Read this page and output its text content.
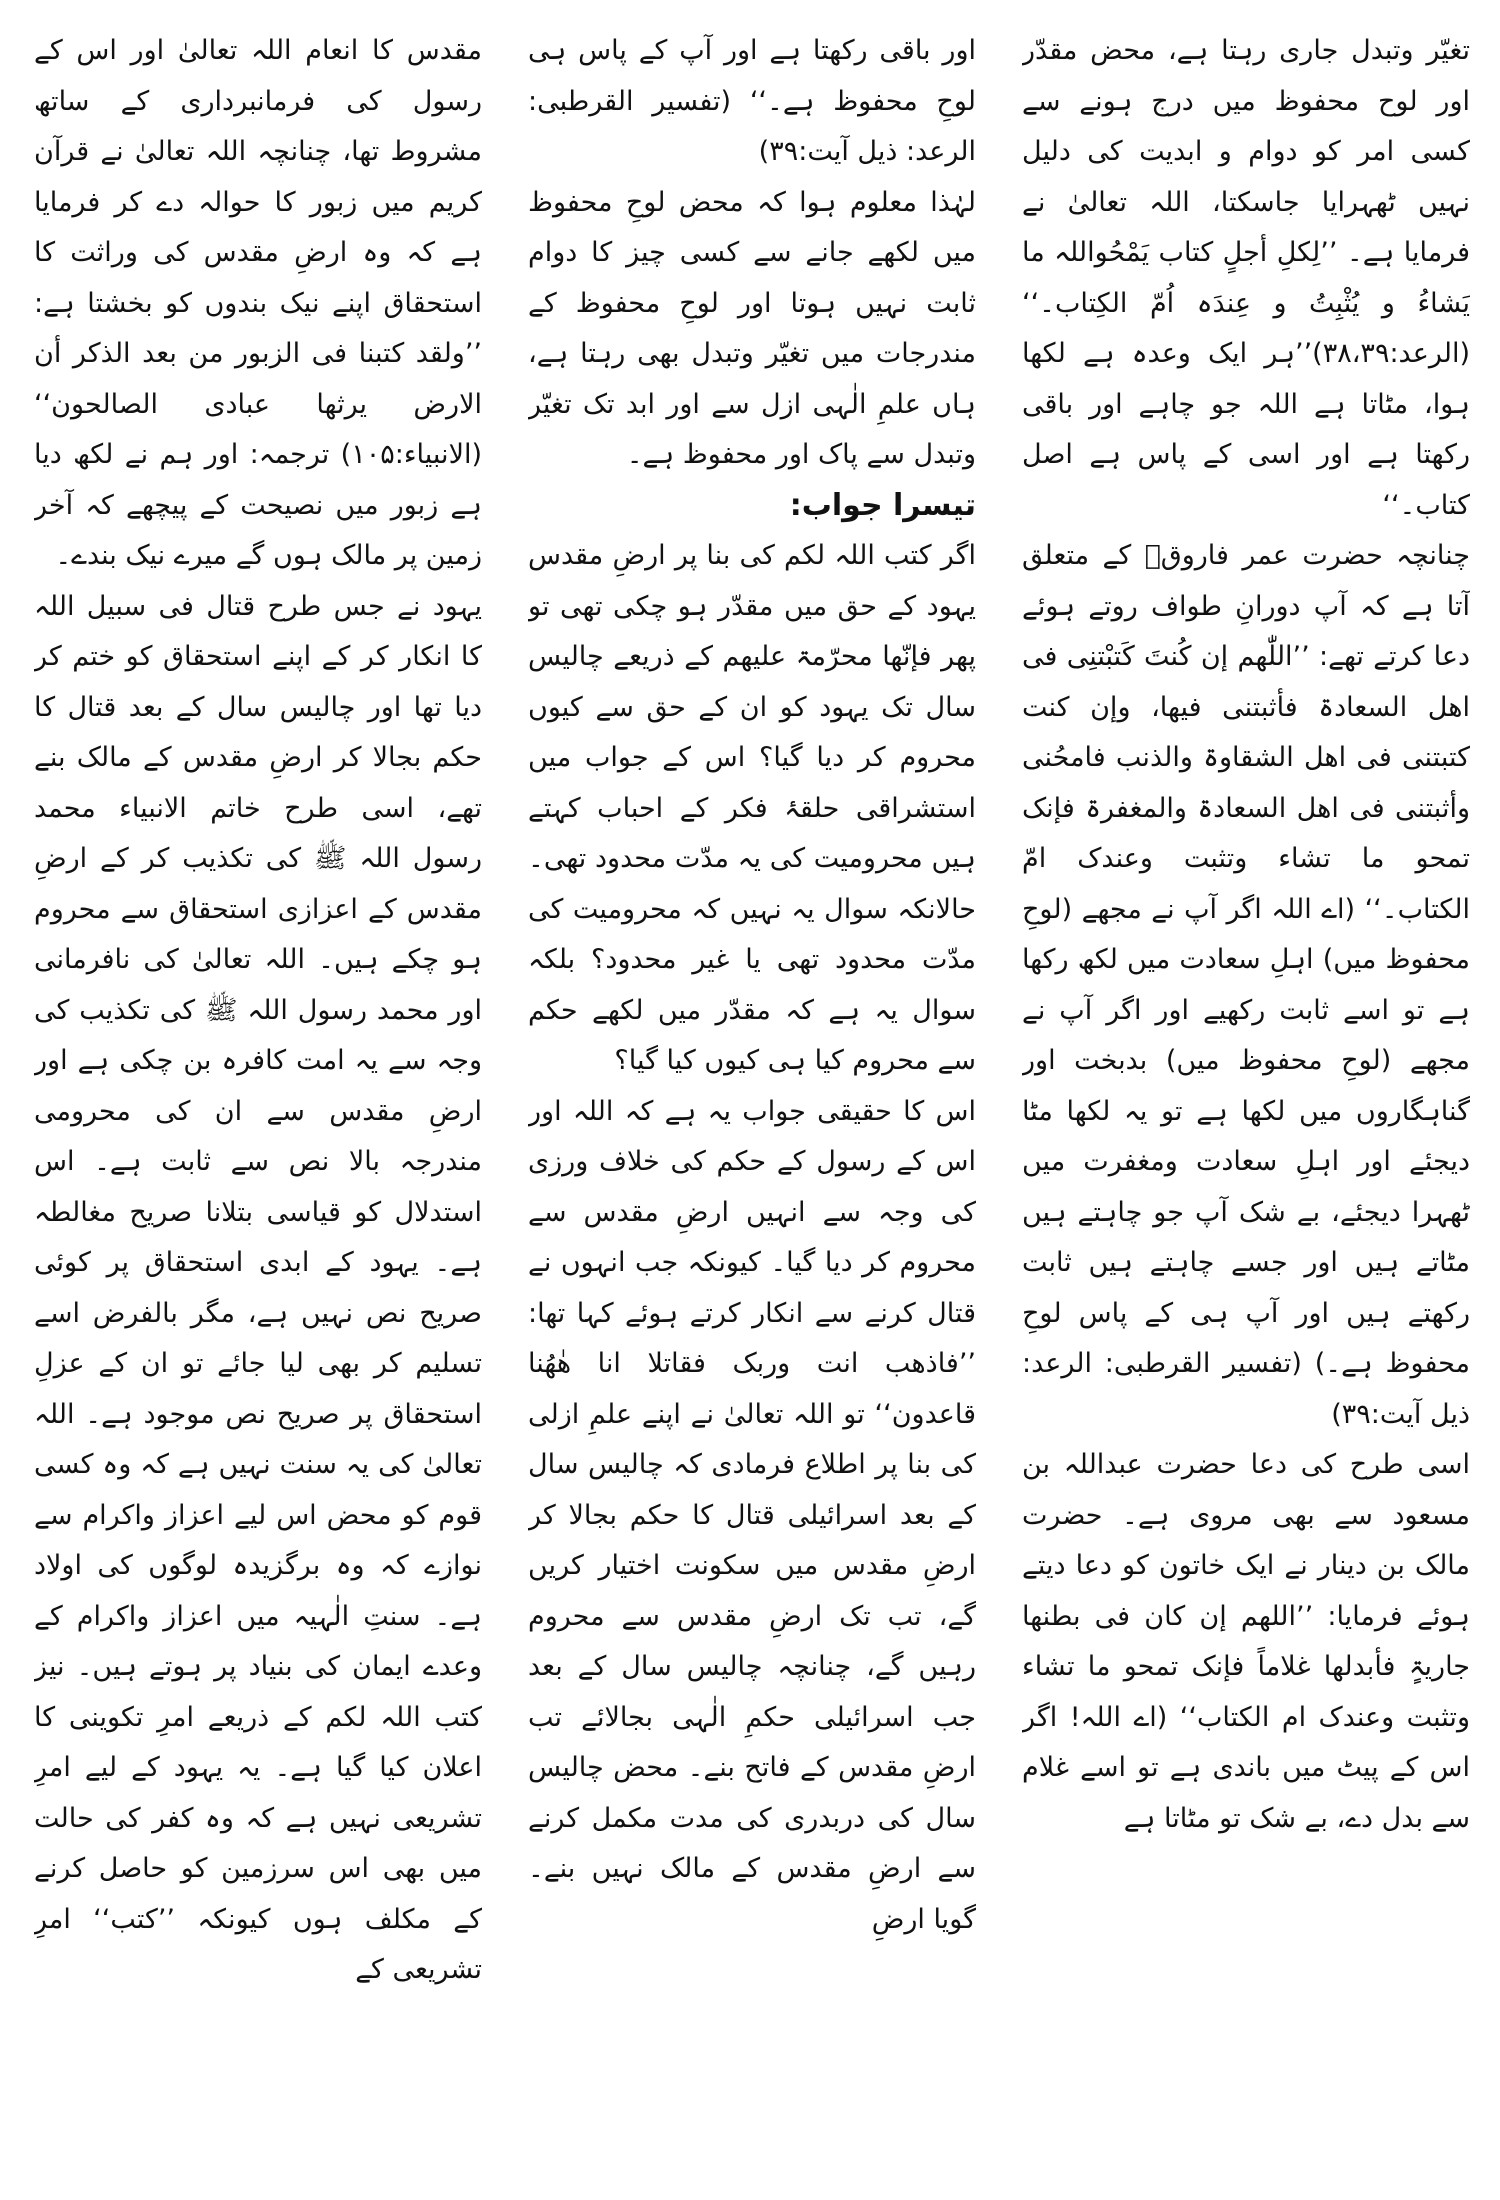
تغیّر وتبدل جاری رہتا ہے، محض مقدّر اور لوح محفوظ میں درج ہونے سے کسی امر کو دوام و ابدیت کی دلیل نہیں ٹھہرایا جاسکتا، اللہ تعالیٰ نے فرمایا ہے۔ ’’لِکلِ أجلٍ کتاب یَمْحُواللہ ما یَشاءُ و یُثْبِتُ و عِندَہ اُمّ الکِتاب۔‘‘ (الرعد:۳۸،۳۹)’’ہر ایک وعدہ ہے لکھا ہوا، مٹاتا ہے اللہ جو چاہے اور باقی رکھتا ہے اور اسی کے پاس ہے اصل کتاب۔‘‘

چنانچہ حضرت عمر فاروقؓ کے متعلق آتا ہے کہ آپ دورانِ طواف روتے ہوئے دعا کرتے تھے: ’’اللّٰھم إن کُنتَ کَتبْتنِی فی اھل السعادۃ فأثبتنی فیھا، وإن کنت کتبتنی فی اھل الشقاوۃ والذنب فامحُنی وأثبتنی فی اھل السعادۃ والمغفرۃ فإنک تمحو ما تشاء وتثبت وعندک امّ الکتاب۔‘‘ (اے اللہ اگر آپ نے مجھے (لوحِ محفوظ میں) اہلِ سعادت میں لکھ رکھا ہے تو اسے ثابت رکھیے اور اگر آپ نے مجھے (لوحِ محفوظ میں) بدبخت اور گناہگاروں میں لکھا ہے تو یہ لکھا مٹا دیجئے اور اہلِ سعادت ومغفرت میں ٹھہرا دیجئے، بے شک آپ جو چاہتے ہیں مٹاتے ہیں اور جسے چاہتے ہیں ثابت رکھتے ہیں اور آپ ہی کے پاس لوحِ محفوظ ہے۔) (تفسیر القرطبی: الرعد: ذیل آیت:۳۹)

اسی طرح کی دعا حضرت عبداللہ بن مسعود سے بھی مروی ہے۔ حضرت مالک بن دینار نے ایک خاتون کو دعا دیتے ہوئے فرمایا: ’’اللھم إن کان فی بطنھا جاریۃٍ فأبدلھا غلاماً فإنک تمحو ما تشاء وتثبت وعندک ام الکتاب‘‘ (اے اللہ! اگر اس کے پیٹ میں باندی ہے تو اسے غلام سے بدل دے، بے شک تو مٹاتا ہے

اور باقی رکھتا ہے اور آپ کے پاس ہی لوحِ محفوظ ہے۔‘‘ (تفسیر القرطبی: الرعد: ذیل آیت:۳۹)

لہٰذا معلوم ہوا کہ محض لوحِ محفوظ میں لکھے جانے سے کسی چیز کا دوام ثابت نہیں ہوتا اور لوحِ محفوظ کے مندرجات میں تغیّر وتبدل بھی رہتا ہے، ہاں علمِ الٰہی ازل سے اور ابد تک تغیّر وتبدل سے پاک اور محفوظ ہے۔

تیسرا جواب:

اگر کتب اللہ لکم کی بنا پر ارضِ مقدس یہود کے حق میں مقدّر ہو چکی تھی تو پھر فإنّھا محرّمۃ علیھم کے ذریعے چالیس سال تک یہود کو ان کے حق سے کیوں محروم کر دیا گیا؟ اس کے جواب میں استشراقی حلقۂ فکر کے احباب کہتے ہیں محرومیت کی یہ مدّت محدود تھی۔ حالانکہ سوال یہ نہیں کہ محرومیت کی مدّت محدود تھی یا غیر محدود؟ بلکہ سوال یہ ہے کہ مقدّر میں لکھے حکم سے محروم کیا ہی کیوں کیا گیا؟

اس کا حقیقی جواب یہ ہے کہ اللہ اور اس کے رسول کے حکم کی خلاف ورزی کی وجہ سے انہیں ارضِ مقدس سے محروم کر دیا گیا۔ کیونکہ جب انہوں نے قتال کرنے سے انکار کرتے ہوئے کہا تھا: ’’فاذھب انت وربک فقاتلا انا ھٰھُنا قاعدون‘‘ تو اللہ تعالیٰ نے اپنے علمِ ازلی کی بنا پر اطلاع فرمادی کہ چالیس سال کے بعد اسرائیلی قتال کا حکم بجالا کر ارضِ مقدس میں سکونت اختیار کریں گے، تب تک ارضِ مقدس سے محروم رہیں گے، چنانچہ چالیس سال کے بعد جب اسرائیلی حکمِ الٰہی بجالائے تب ارضِ مقدس کے فاتح بنے۔ محض چالیس سال کی دربدری کی مدت مکمل کرنے سے ارضِ مقدس کے مالک نہیں بنے۔ گویا ارضِ

مقدس کا انعام اللہ تعالیٰ اور اس کے رسول کی فرمانبرداری کے ساتھ مشروط تھا، چنانچہ اللہ تعالیٰ نے قرآن کریم میں زبور کا حوالہ دے کر فرمایا ہے کہ وہ ارضِ مقدس کی وراثت کا استحقاق اپنے نیک بندوں کو بخشتا ہے: ’’ولقد کتبنا فی الزبور من بعد الذکر أن الارض یرثھا عبادی الصالحون‘‘ (الانبیاء:۱۰۵) ترجمہ: اور ہم نے لکھ دیا ہے زبور میں نصیحت کے پیچھے کہ آخر زمین پر مالک ہوں گے میرے نیک بندے۔

یہود نے جس طرح قتال فی سبیل اللہ کا انکار کر کے اپنے استحقاق کو ختم کر دیا تھا اور چالیس سال کے بعد قتال کا حکم بجالا کر ارضِ مقدس کے مالک بنے تھے، اسی طرح خاتم الانبیاء محمد رسول اللہ ﷺ کی تکذیب کر کے ارضِ مقدس کے اعزازی استحقاق سے محروم ہو چکے ہیں۔ اللہ تعالیٰ کی نافرمانی اور محمد رسول اللہ ﷺ کی تکذیب کی وجہ سے یہ امت کافرہ بن چکی ہے اور ارضِ مقدس سے ان کی محرومی مندرجہ بالا نص سے ثابت ہے۔ اس استدلال کو قیاسی بتلانا صریح مغالطہ ہے۔ یہود کے ابدی استحقاق پر کوئی صریح نص نہیں ہے، مگر بالفرض اسے تسلیم کر بھی لیا جائے تو ان کے عزلِ استحقاق پر صریح نص موجود ہے۔ اللہ تعالیٰ کی یہ سنت نہیں ہے کہ وہ کسی قوم کو محض اس لیے اعزاز واکرام سے نوازے کہ وہ برگزیدہ لوگوں کی اولاد ہے۔ سنتِ الٰہیہ میں اعزاز واکرام کے وعدے ایمان کی بنیاد پر ہوتے ہیں۔ نیز کتب اللہ لکم کے ذریعے امرِ تکوینی کا اعلان کیا گیا ہے۔ یہ یہود کے لیے امرِ تشریعی نہیں ہے کہ وہ کفر کی حالت میں بھی اس سرزمین کو حاصل کرنے کے مکلف ہوں کیونکہ ’’کتب‘‘ امرِ تشریعی کے
